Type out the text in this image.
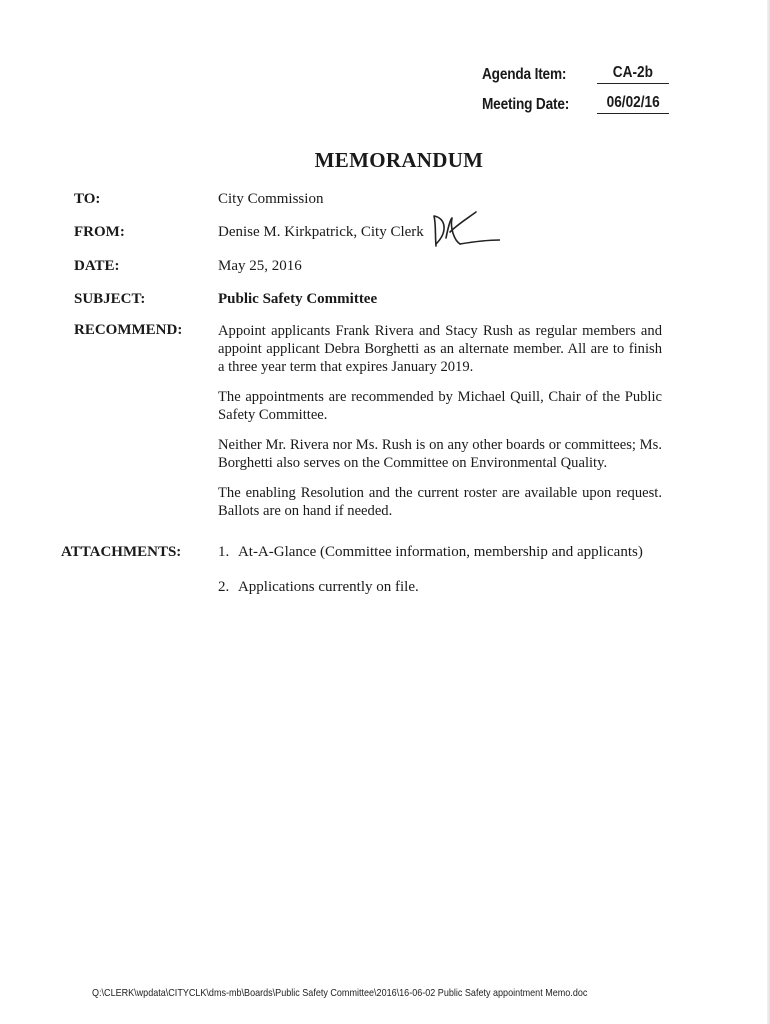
Agenda Item:	CA-2b
Meeting Date:	06/02/16
MEMORANDUM
TO:	City Commission
FROM:	Denise M. Kirkpatrick, City Clerk
DATE:	May 25, 2016
SUBJECT:	Public Safety Committee
RECOMMEND:	Appoint applicants Frank Rivera and Stacy Rush as regular members and appoint applicant Debra Borghetti as an alternate member. All are to finish a three year term that expires January 2019.

The appointments are recommended by Michael Quill, Chair of the Public Safety Committee.

Neither Mr. Rivera nor Ms. Rush is on any other boards or committees; Ms. Borghetti also serves on the Committee on Environmental Quality.

The enabling Resolution and the current roster are available upon request. Ballots are on hand if needed.

ATTACHMENTS:	1. At-A-Glance (Committee information, membership and applicants)
2. Applications currently on file.
Q:\CLERK\wpdata\CITYCLK\dms-mb\Boards\Public Safety Committee\2016\16-06-02 Public Safety appointment Memo.doc
